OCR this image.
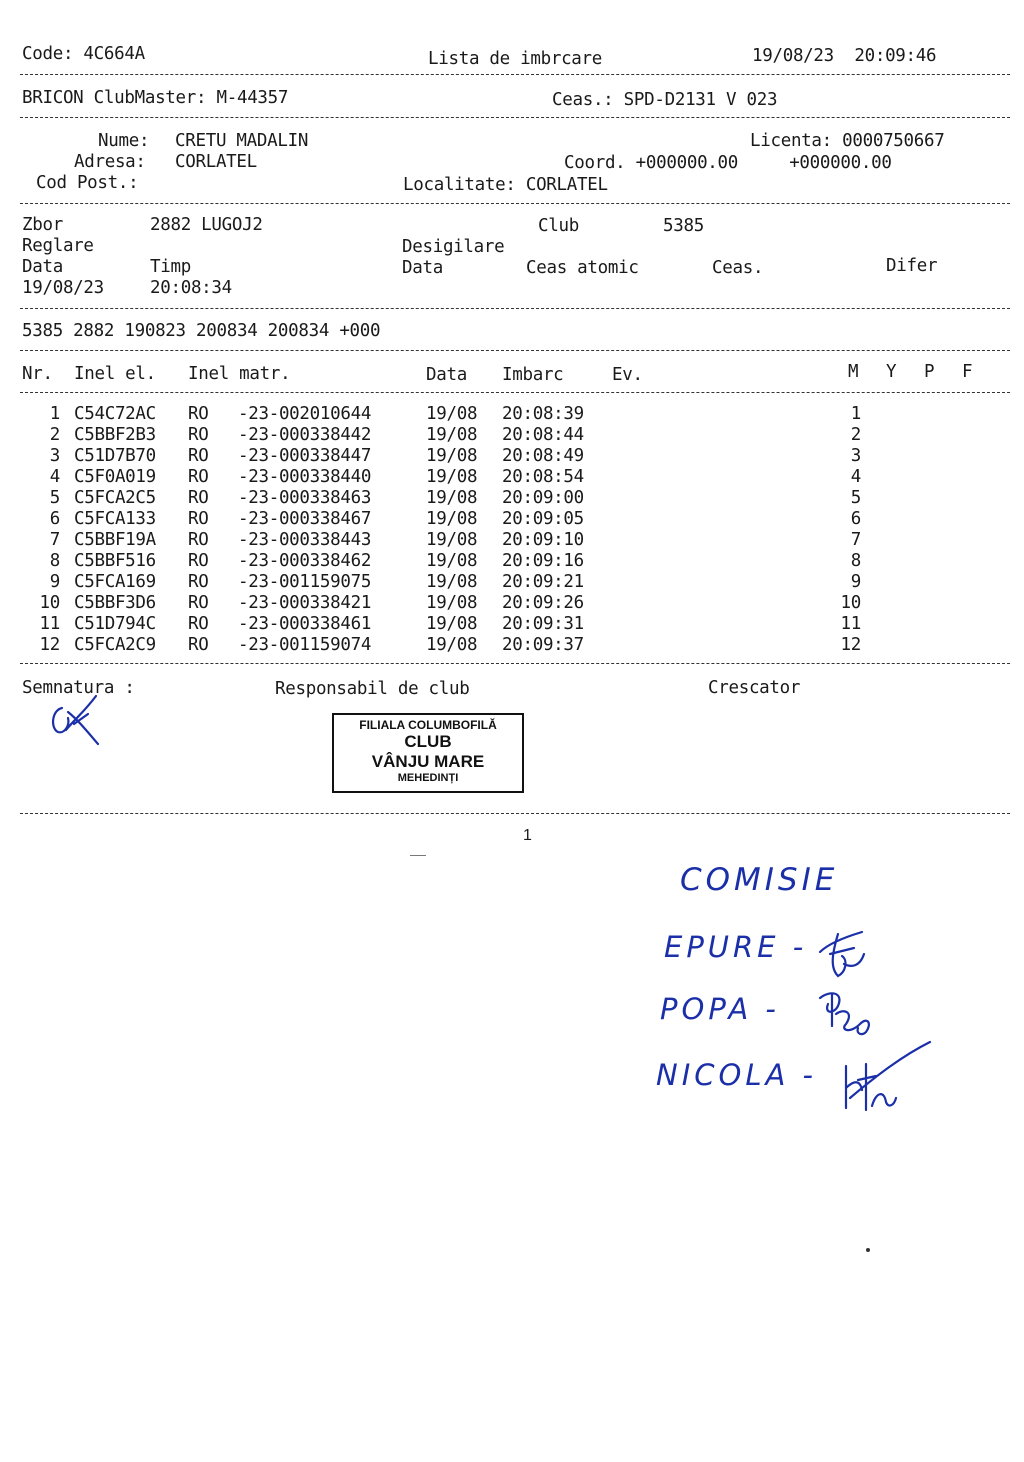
Code: 4C664A	Lista de imbrcare	19/08/23  20:09:46
BRICON ClubMaster: M-44357	Ceas.: SPD-D2131 V 023
Nume: CRETU MADALIN	Licenta: 0000750667
Adresa: CORLATEL	Coord. +000000.00     +000000.00
Cod Post.:	Localitate: CORLATEL
Zbor	2882 LUGOJ2	Club	5385
Reglare	Desigilare
Data	Timp	Data	Ceas atomic	Ceas.	Difer
19/08/23	20:08:34
5385 2882 190823 200834 200834 +000
Nr. Inel el. Inel matr.	Data Imbarc	Ev.	M Y P F
1 C54C72AC RO -23-002010644	19/08 20:08:39	1
2 C5BBF2B3 RO -23-000338442	19/08 20:08:44	2
3 C51D7B70 RO -23-000338447	19/08 20:08:49	3
4 C5F0A019 RO -23-000338440	19/08 20:08:54	4
5 C5FCA2C5 RO -23-000338463	19/08 20:09:00	5
6 C5FCA133 RO -23-000338467	19/08 20:09:05	6
7 C5BBF19A RO -23-000338443	19/08 20:09:10	7
8 C5BBF516 RO -23-000338462	19/08 20:09:16	8
9 C5FCA169 RO -23-001159075	19/08 20:09:21	9
10 C5BBF3D6 RO -23-000338421	19/08 20:09:26	10
11 C51D794C RO -23-000338461	19/08 20:09:31	11
12 C5FCA2C9 RO -23-001159074	19/08 20:09:37	12
Semnatura :	Responsabil de club	Crescator
FILIALA COLUMBOFILĂ
CLUB
VÂNJU MARE
MEHEDINȚI
1
COMISIE
EPURE -
POPA -
NICOLA -
